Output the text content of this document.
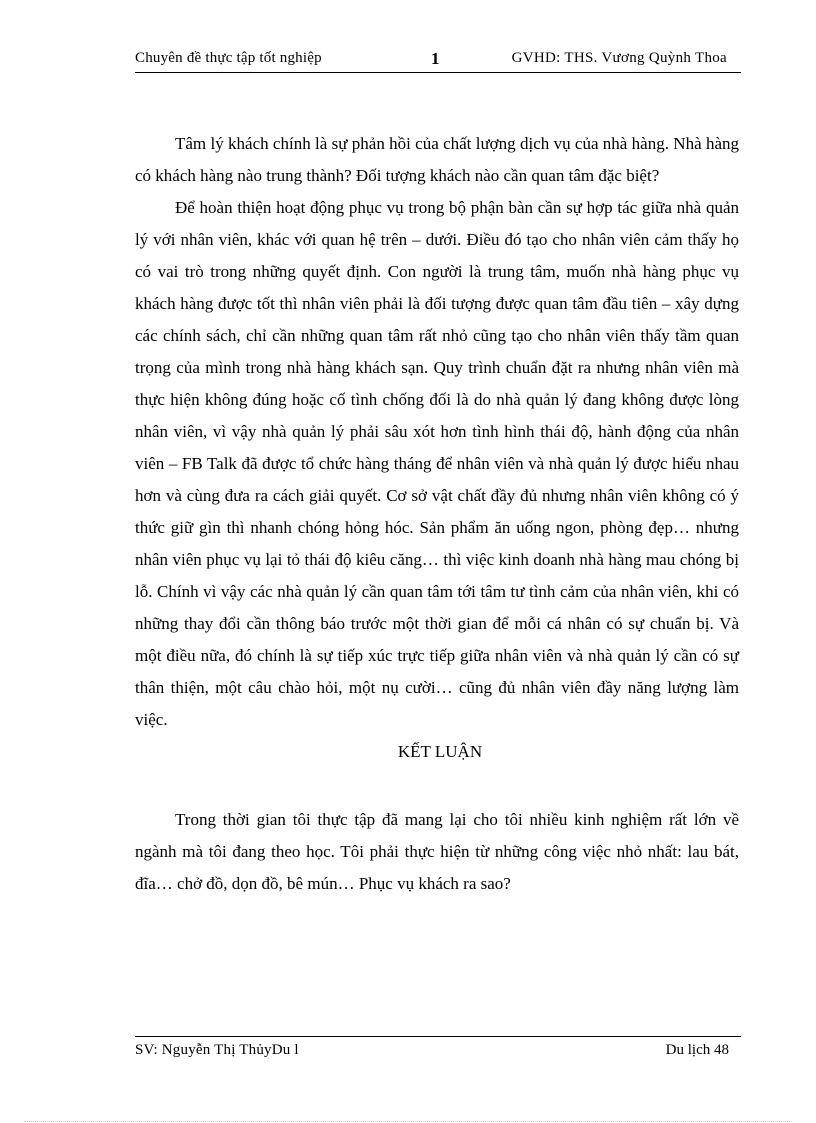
Chuyên đề thực tập tốt nghiệp	1	GVHD: THS. Vương Quỳnh Thoa

Tâm lý khách chính là sự phản hồi của chất lượng dịch vụ của nhà hàng. Nhà hàng có khách hàng nào trung thành? Đối tượng khách nào cần quan tâm đặc biệt?

Để hoàn thiện hoạt động phục vụ trong bộ phận bàn cần sự hợp tác giữa nhà quản lý với nhân viên, khác với quan hệ trên – dưới. Điều đó tạo cho nhân viên cảm thấy họ có vai trò trong những quyết định. Con người là trung tâm, muốn nhà hàng phục vụ khách hàng được tốt thì nhân viên phải là đối tượng được quan tâm đầu tiên – xây dựng các chính sách, chỉ cần những quan tâm rất nhỏ cũng tạo cho nhân viên thấy tầm quan trọng của mình trong nhà hàng khách sạn. Quy trình chuẩn đặt ra nhưng nhân viên mà thực hiện không đúng hoặc cố tình chống đối là do nhà quản lý đang không được lòng nhân viên, vì vậy nhà quản lý phải sâu xót hơn tình hình thái độ, hành động của nhân viên – FB Talk đã được tổ chức hàng tháng để nhân viên và nhà quản lý được hiểu nhau hơn và cùng đưa ra cách giải quyết. Cơ sở vật chất đầy đủ nhưng nhân viên không có ý thức giữ gìn thì nhanh chóng hỏng hóc. Sản phẩm ăn uống ngon, phòng đẹp… nhưng nhân viên phục vụ lại tỏ thái độ kiêu căng… thì việc kinh doanh nhà hàng mau chóng bị lỗ. Chính vì vậy các nhà quản lý cần quan tâm tới tâm tư tình cảm của nhân viên, khi có những thay đổi cần thông báo trước một thời gian để mỗi cá nhân có sự chuẩn bị. Và một điều nữa, đó chính là sự tiếp xúc trực tiếp giữa nhân viên và nhà quản lý cần có sự thân thiện, một câu chào hỏi, một nụ cười… cũng đủ nhân viên đầy năng lượng làm việc.

KẾT LUẬN

Trong thời gian tôi thực tập đã mang lại cho tôi nhiều kinh nghiệm rất lớn về ngành mà tôi đang theo học. Tôi phải thực hiện từ những công việc nhỏ nhất: lau bát, đĩa… chở đồ, dọn đồ, bê mún… Phục vụ khách ra sao?

SV: Nguyễn Thị ThủyDu l	Du lịch 48
